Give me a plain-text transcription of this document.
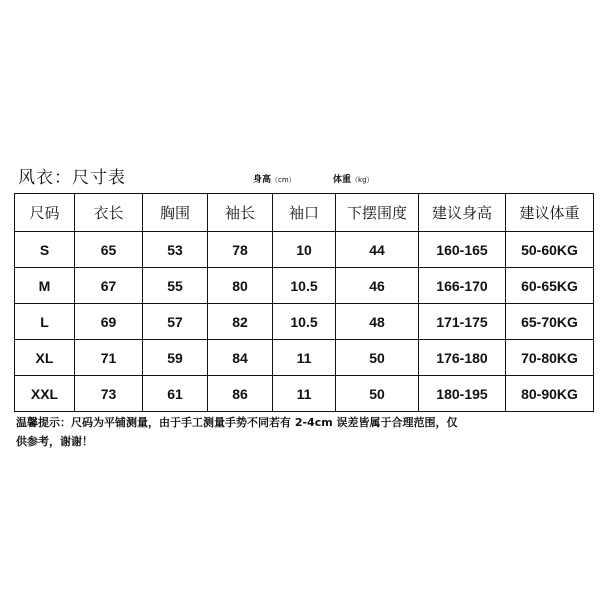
风衣：尺寸表	身高（cm）	体重（kg）
尺码	衣长	胸围	袖长	袖口	下摆围度	建议身高	建议体重
S	65	53	78	10	44	160-165	50-60KG
M	67	55	80	10.5	46	166-170	60-65KG
L	69	57	82	10.5	48	171-175	65-70KG
XL	71	59	84	11	50	176-180	70-80KG
XXL	73	61	86	11	50	180-195	80-90KG
温馨提示：尺码为平铺测量，由于手工测量手势不同若有 2-4cm 误差皆属于合理范围，仅
供参考，谢谢！
